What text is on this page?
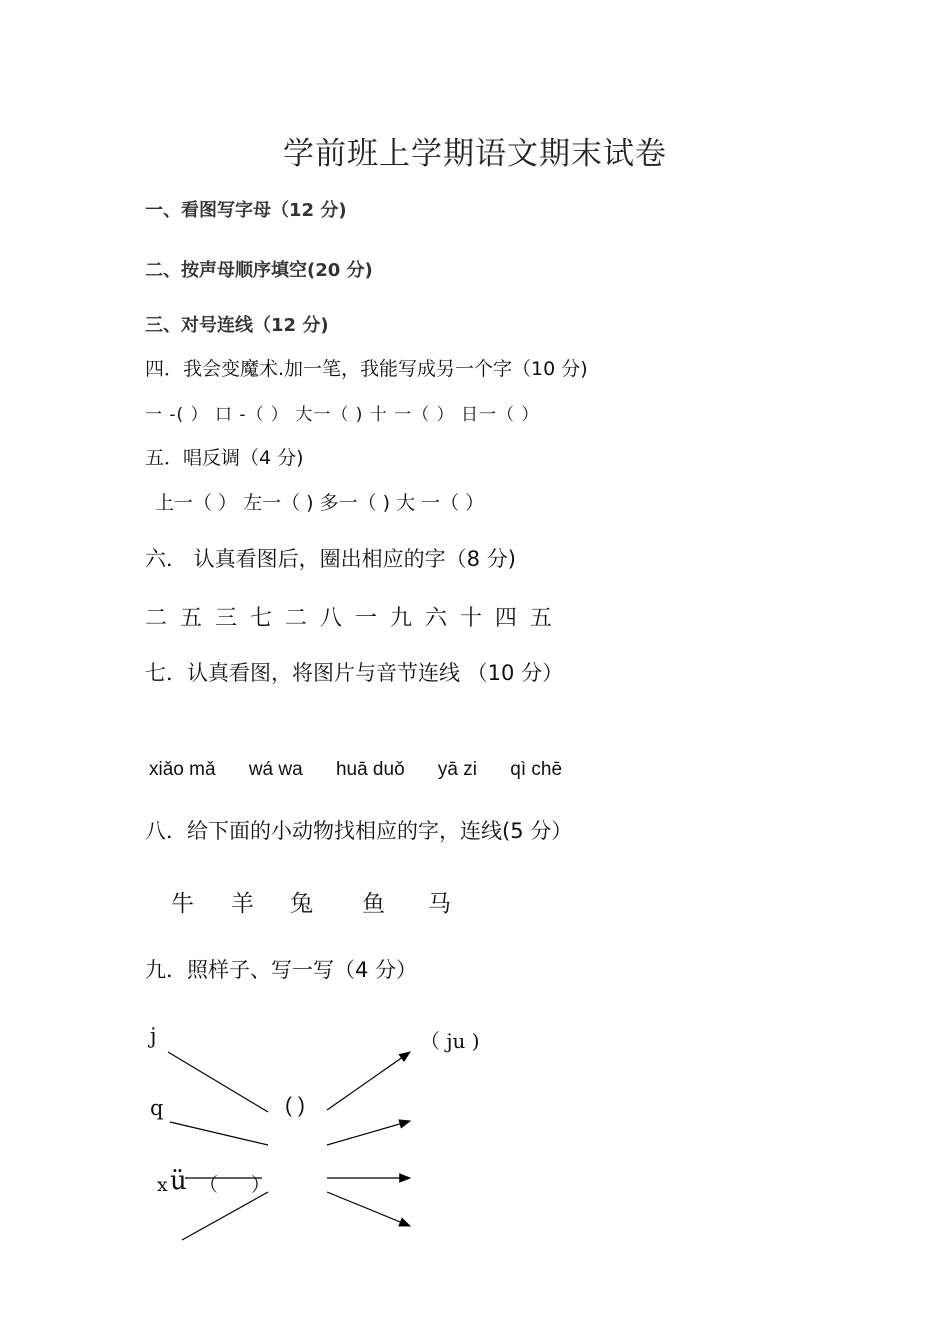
学前班上学期语文期末试卷
一、看图写字母（12 分)
二、按声母顺序填空(20 分)
三、对号连线（12 分)
四．我会变魔术.加一笔，我能写成另一个字（10 分)
一 -( ） 口 -（ ） 大一（ ) 十 一（ ） 日一（ ）
五．唱反调（4 分)
上一（ ） 左一（ ) 多一（ ) 大 一（ ）
六． 认真看图后，圈出相应的字（8 分)
二 五 三 七 二 八 一 九 六 十 四 五
七．认真看图，将图片与音节连线 （10 分）
xiǎo mǎ wá wa huā duǒ yā zi qì chē
八．给下面的小动物找相应的字，连线(5 分）
牛 羊 兔 鱼 马
九．照样子、写一写（4 分）
j
q
x ü （ ）
( )
（ ju )
